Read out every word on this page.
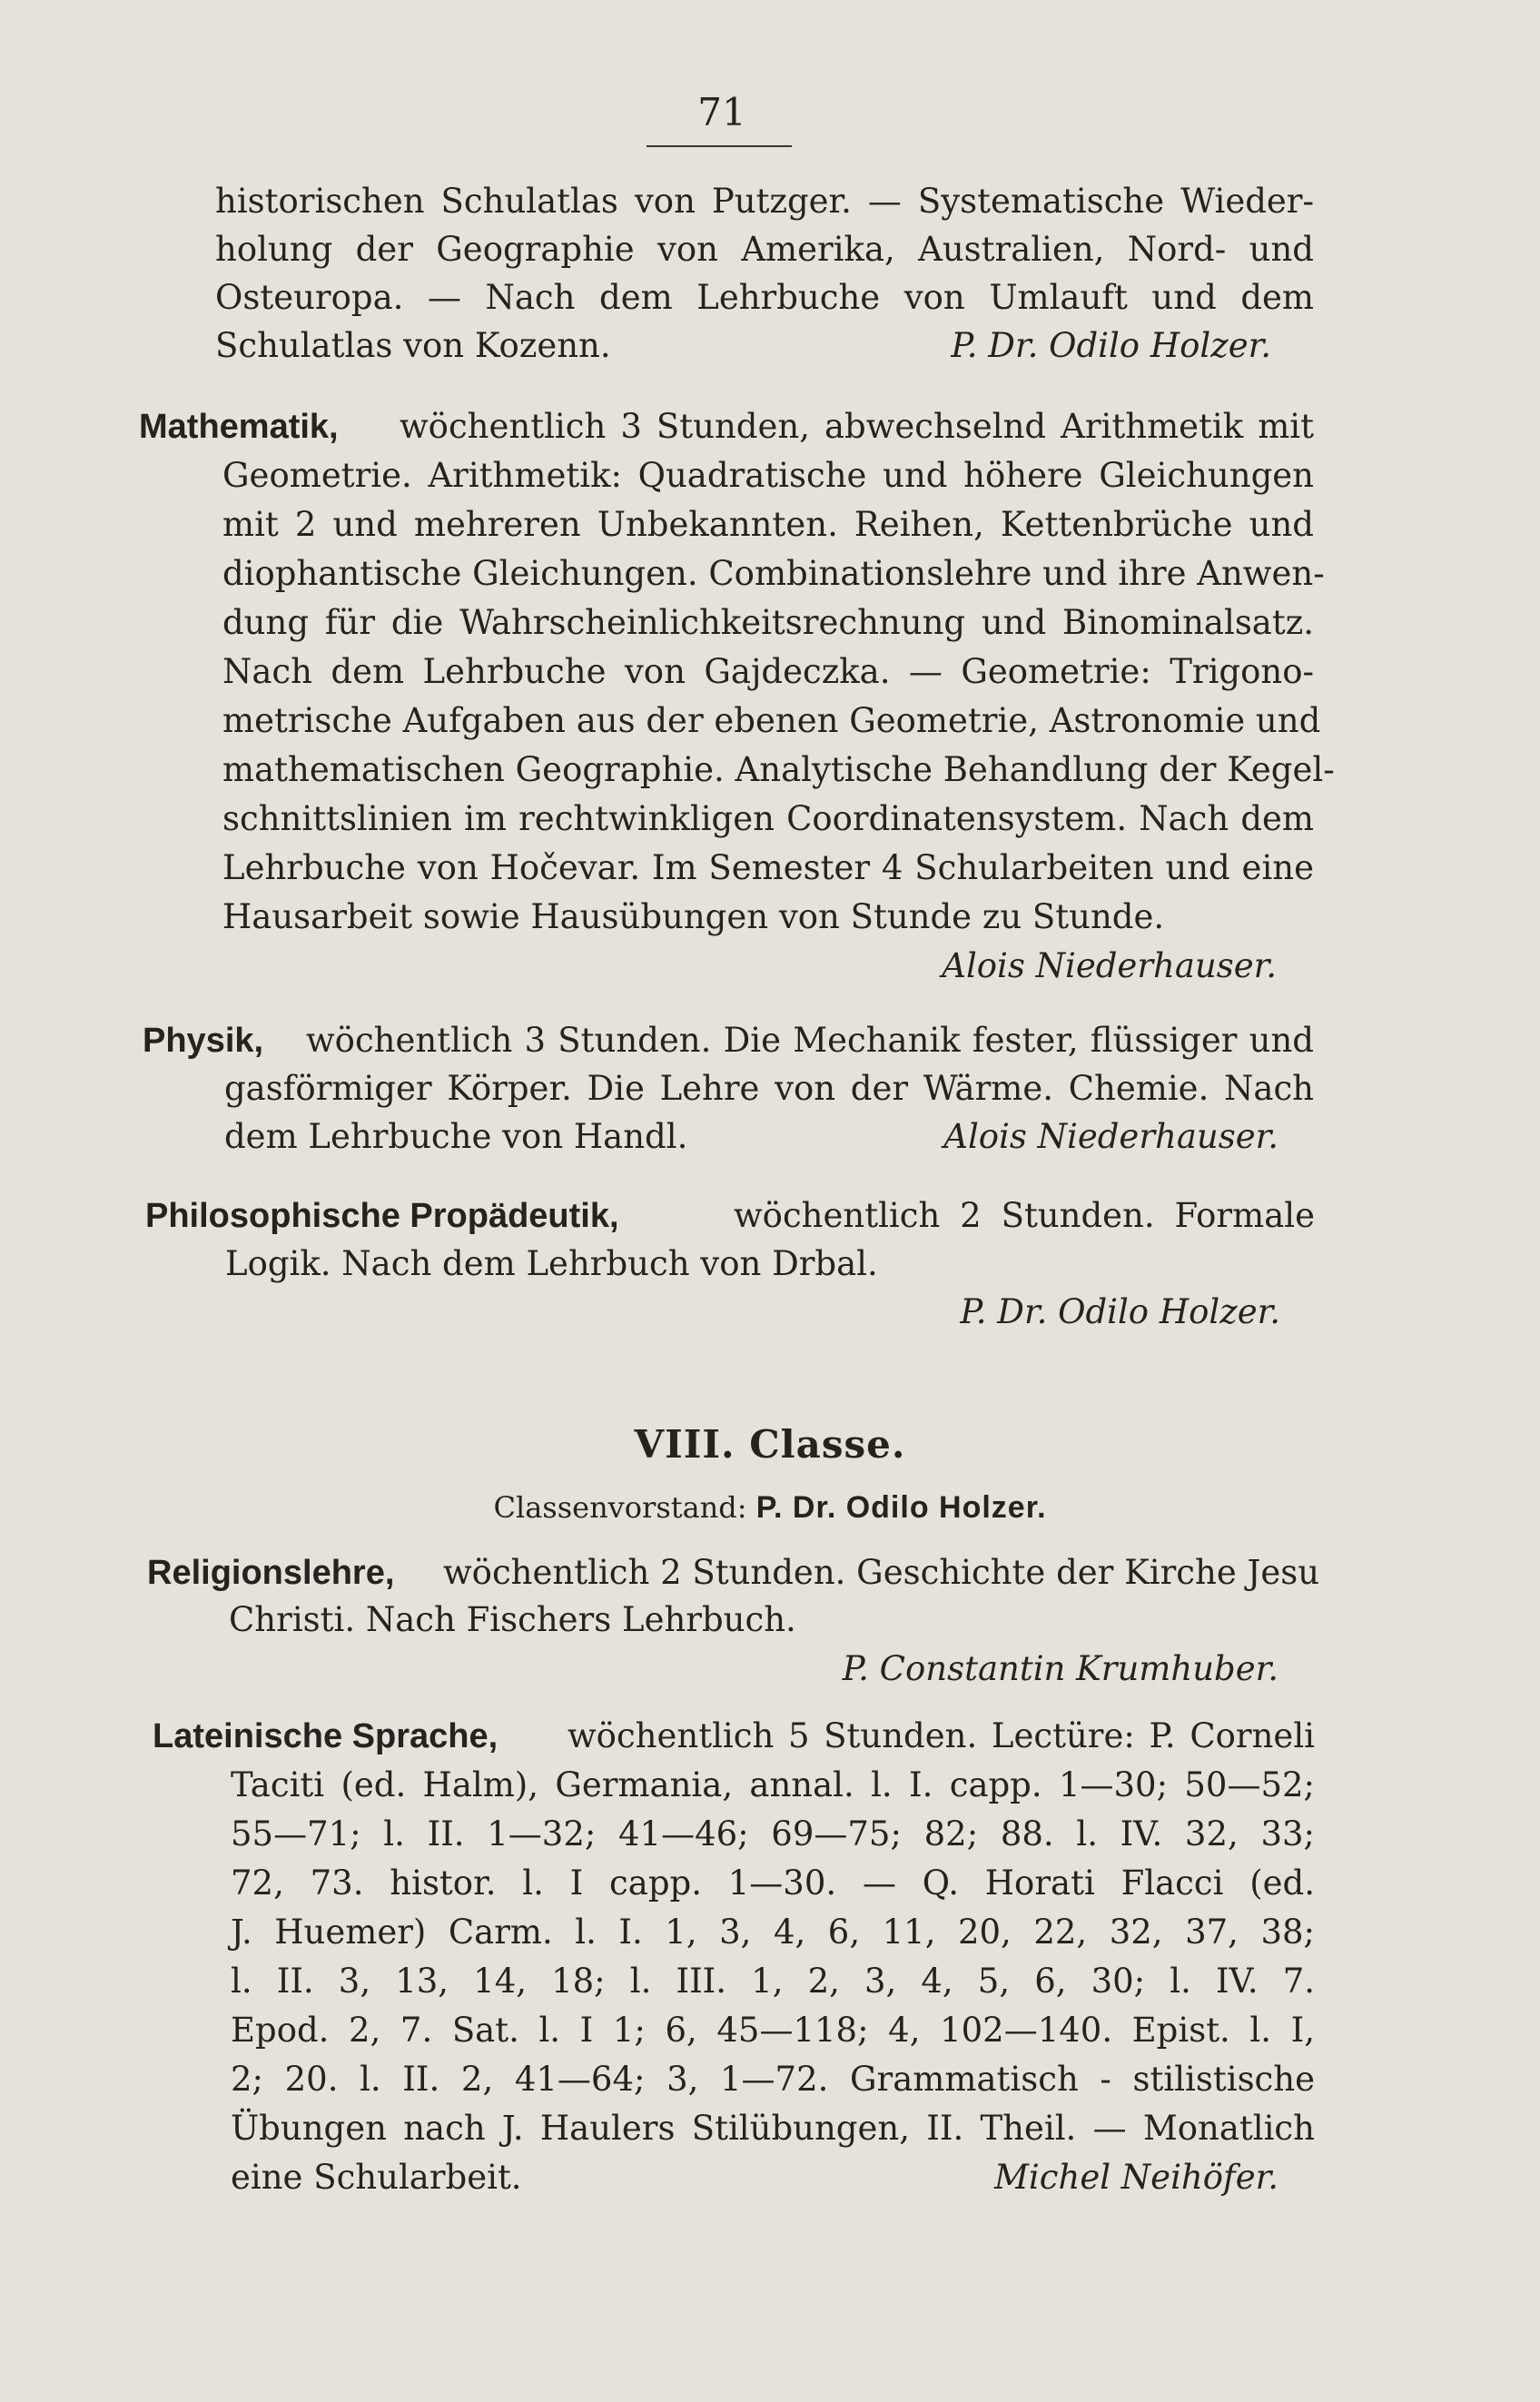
71
historischen Schulatlas von Putzger. — Systematische Wieder-
holung der Geographie von Amerika, Australien, Nord- und
Osteuropa. — Nach dem Lehrbuche von Umlauft und dem
Schulatlas von Kozenn.	P. Dr. Odilo Holzer.
Mathematik, wöchentlich 3 Stunden, abwechselnd Arithmetik mit
Geometrie. Arithmetik: Quadratische und höhere Gleichungen
mit 2 und mehreren Unbekannten. Reihen, Kettenbrüche und
diophantische Gleichungen. Combinationslehre und ihre Anwen-
dung für die Wahrscheinlichkeitsrechnung und Binominalsatz.
Nach dem Lehrbuche von Gajdeczka. — Geometrie: Trigono-
metrische Aufgaben aus der ebenen Geometrie, Astronomie und
mathematischen Geographie. Analytische Behandlung der Kegel-
schnittslinien im rechtwinkligen Coordinatensystem. Nach dem
Lehrbuche von Hočevar. Im Semester 4 Schularbeiten und eine
Hausarbeit sowie Hausübungen von Stunde zu Stunde.
Alois Niederhauser.
Physik, wöchentlich 3 Stunden. Die Mechanik fester, flüssiger und
gasförmiger Körper. Die Lehre von der Wärme. Chemie. Nach
dem Lehrbuche von Handl.	Alois Niederhauser.
Philosophische Propädeutik,	wöchentlich 2 Stunden. Formale
Logik. Nach dem Lehrbuch von Drbal.
P. Dr. Odilo Holzer.
VIII. Classe.
Classenvorstand: P. Dr. Odilo Holzer.
Religionslehre, wöchentlich 2 Stunden. Geschichte der Kirche Jesu
Christi. Nach Fischers Lehrbuch.
P. Constantin Krumhuber.
Lateinische Sprache, wöchentlich 5 Stunden. Lectüre: P. Corneli
Taciti (ed. Halm), Germania, annal. l. I. capp. 1—30; 50—52;
55—71; l. II. 1—32; 41—46; 69—75; 82; 88. l. IV. 32, 33;
72, 73. histor. l. I capp. 1—30. — Q. Horati Flacci (ed.
J. Huemer) Carm. l. I. 1, 3, 4, 6, 11, 20, 22, 32, 37, 38;
l. II. 3, 13, 14, 18; l. III. 1, 2, 3, 4, 5, 6, 30; l. IV. 7.
Epod. 2, 7. Sat. l. I 1; 6, 45—118; 4, 102—140. Epist. l. I,
2; 20. l. II. 2, 41—64; 3, 1—72. Grammatisch - stilistische
Übungen nach J. Haulers Stilübungen, II. Theil. — Monatlich
eine Schularbeit.	Michel Neihöfer.
